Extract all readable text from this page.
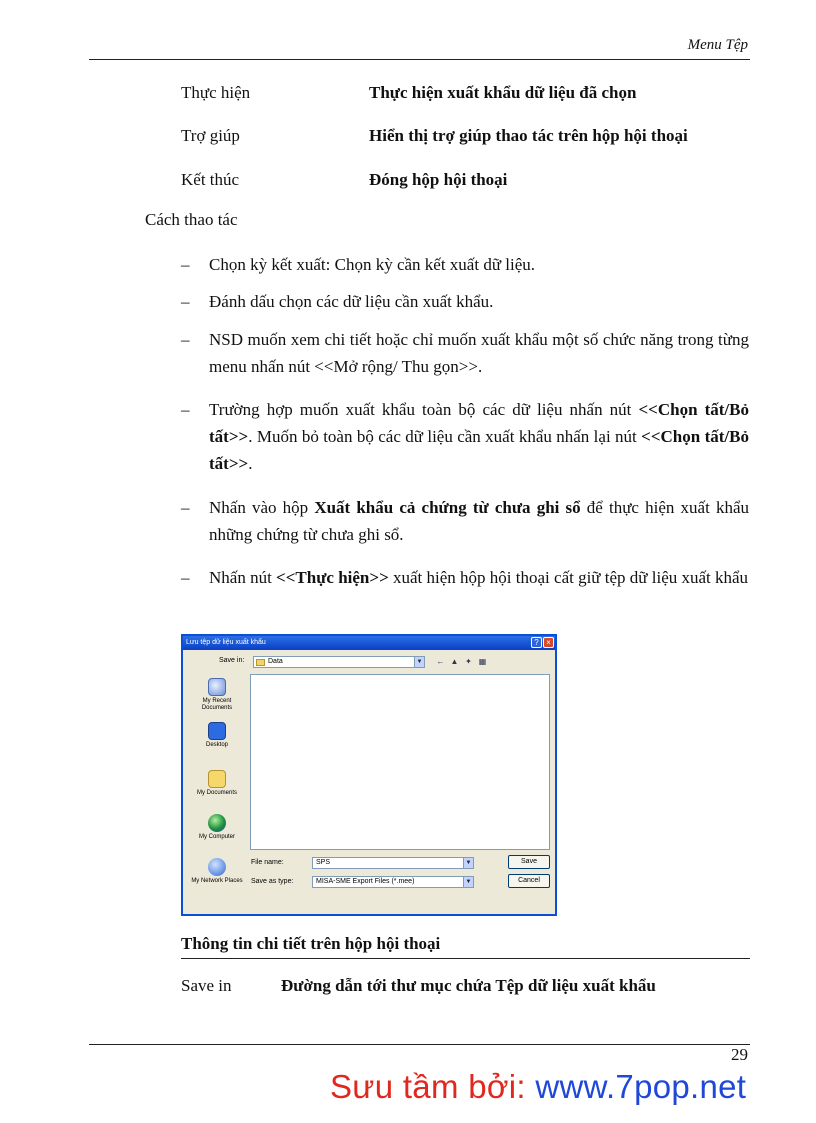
Menu Tệp
Thực hiện	Thực hiện xuất khẩu dữ liệu đã chọn
Trợ giúp	Hiển thị trợ giúp thao tác trên hộp hội thoại
Kết thúc	Đóng hộp hội thoại
Cách thao tác
– Chọn kỳ kết xuất: Chọn kỳ cần kết xuất dữ liệu.
– Đánh dấu chọn các dữ liệu cần xuất khẩu.
– NSD muốn xem chi tiết hoặc chỉ muốn xuất khẩu một số chức năng trong từng menu nhấn nút <<Mở rộng/ Thu gọn>>.
– Trường hợp muốn xuất khẩu toàn bộ các dữ liệu nhấn nút <<Chọn tất/Bỏ tất>>. Muốn bỏ toàn bộ các dữ liệu cần xuất khẩu nhấn lại nút <<Chọn tất/Bỏ tất>>.
– Nhấn vào hộp Xuất khẩu cả chứng từ chưa ghi sổ để thực hiện xuất khẩu những chứng từ chưa ghi sổ.
– Nhấn nút <<Thực hiện>> xuất hiện hộp hội thoại cất giữ tệp dữ liệu xuất khẩu
Lưu tệp dữ liệu xuất khẩu	? ×
Save in:	Data	▼ ← ▲ ✦ ▦
My Recent Documents
Desktop
My Documents
My Computer
My Network Places
File name:	SPS	▼
Save as type:	MISA-SME Export Files (*.mee)	▼
Save
Cancel
Thông tin chi tiết trên hộp hội thoại
Save in	Đường dẫn tới thư mục chứa Tệp dữ liệu xuất khẩu
29
Sưu tầm bởi: www.7pop.net
